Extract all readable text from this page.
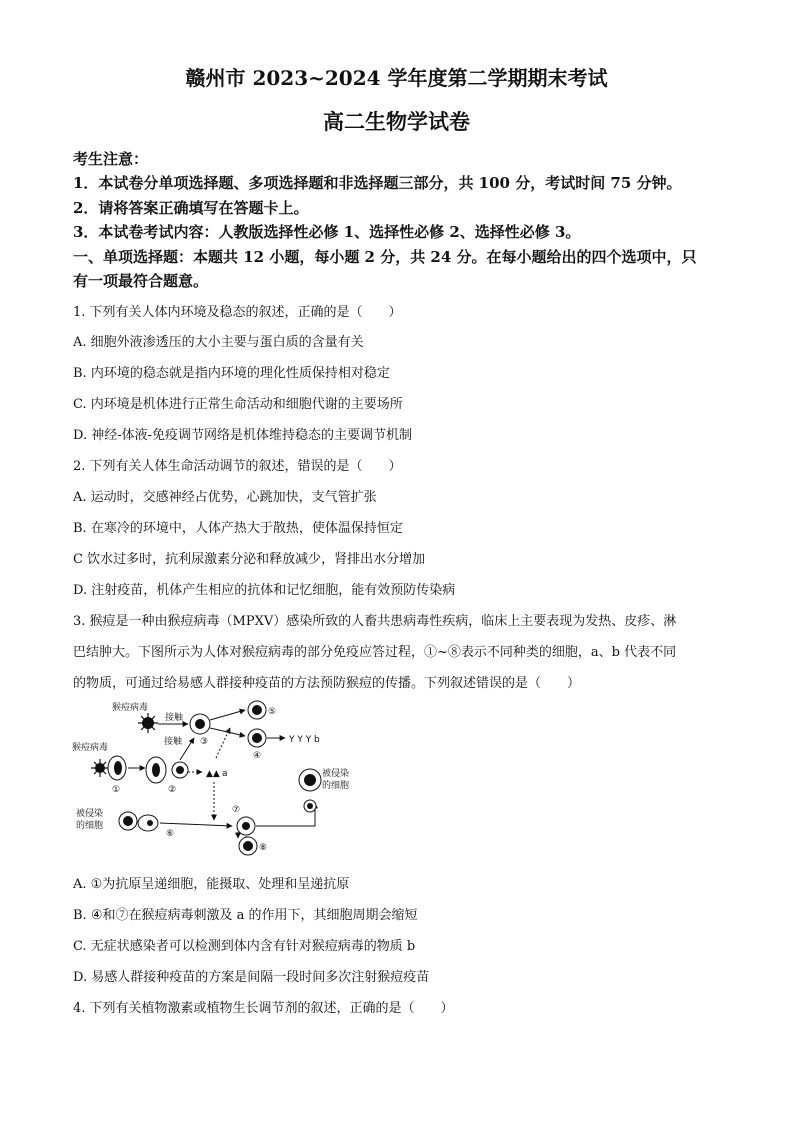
赣州市 2023~2024 学年度第二学期期末考试
高二生物学试卷
考生注意：
1．本试卷分单项选择题、多项选择题和非选择题三部分，共 100 分，考试时间 75 分钟。
2．请将答案正确填写在答题卡上。
3．本试卷考试内容：人教版选择性必修 1、选择性必修 2、选择性必修 3。
一、单项选择题：本题共 12 小题，每小题 2 分，共 24 分。在每小题给出的四个选项中，只
有一项最符合题意。
1. 下列有关人体内环境及稳态的叙述，正确的是（　　）
A. 细胞外液渗透压的大小主要与蛋白质的含量有关
B. 内环境的稳态就是指内环境的理化性质保持相对稳定
C. 内环境是机体进行正常生命活动和细胞代谢的主要场所
D. 神经-体液-免疫调节网络是机体维持稳态的主要调节机制
2. 下列有关人体生命活动调节的叙述，错误的是（　　）
A. 运动时，交感神经占优势，心跳加快，支气管扩张
B. 在寒冷的环境中，人体产热大于散热，使体温保持恒定
C 饮水过多时，抗利尿激素分泌和释放减少，肾排出水分增加
D. 注射疫苗，机体产生相应的抗体和记忆细胞，能有效预防传染病
3. 猴痘是一种由猴痘病毒（MPXV）感染所致的人畜共患病毒性疾病，临床上主要表现为发热、皮疹、淋
巴结肿大。下图所示为人体对猴痘病毒的部分免疫应答过程，①~⑧表示不同种类的细胞，a、b 代表不同
的物质，可通过给易感人群接种疫苗的方法预防猴痘的传播。下列叙述错误的是（　　）
猴痘病毒
接触
③
接触
⑤
④
Y Y Y b
猴痘病毒
①	②
▲▲ a
被侵染
的细胞
⑥
⑦
⑧
被侵染
的细胞
A. ①为抗原呈递细胞，能摄取、处理和呈递抗原
B. ④和⑦在猴痘病毒刺激及 a 的作用下，其细胞周期会缩短
C. 无症状感染者可以检测到体内含有针对猴痘病毒的物质 b
D. 易感人群接种疫苗的方案是间隔一段时间多次注射猴痘疫苗
4. 下列有关植物激素或植物生长调节剂的叙述，正确的是（　　）
